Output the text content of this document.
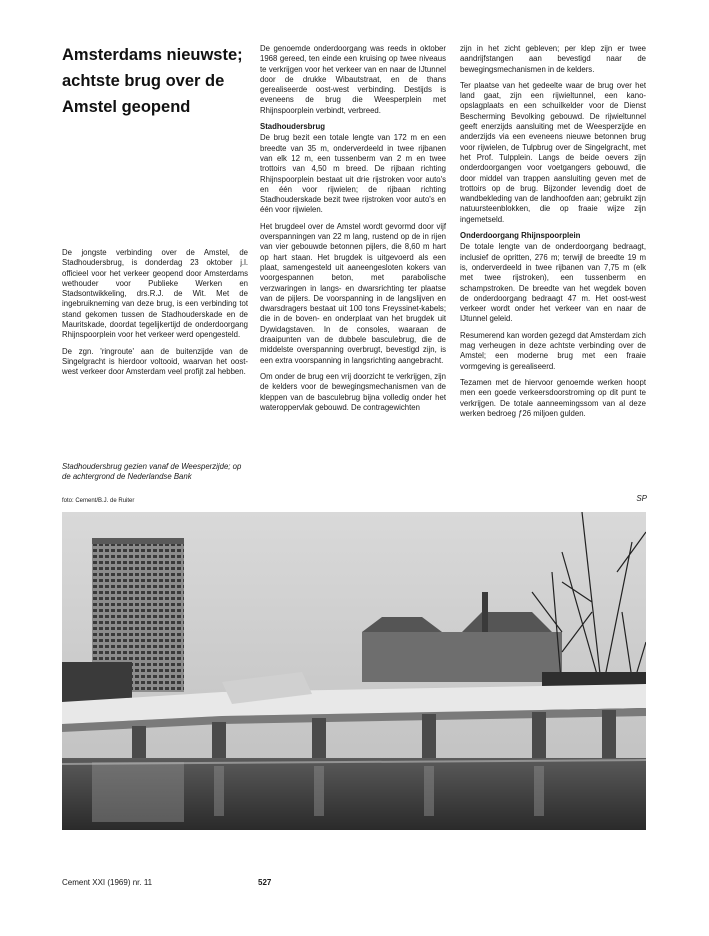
Amsterdams nieuwste; achtste brug over de Amstel geopend

De jongste verbinding over de Amstel, de Stadhoudersbrug, is donderdag 23 oktober j.l. officieel voor het verkeer geopend door Amsterdams wethouder voor Publieke Werken en Stadsontwikkeling, drs.R.J. de Wit. Met de ingebruikneming van deze brug, is een verbinding tot stand gekomen tussen de Stadhouderskade en de Mauritskade, doordat tegelijkertijd de onderdoorgang Rhijnspoorplein voor het verkeer werd opengesteld.

De zgn. 'ringroute' aan de buitenzijde van de Singelgracht is hierdoor voltooid, waarvan het oost-west verkeer door Amsterdam veel profijt zal hebben.

Stadhoudersbrug gezien vanaf de Weesperzijde; op de achtergrond de Nederlandse Bank
foto: Cement/B.J. de Ruiter

De genoemde onderdoorgang was reeds in oktober 1968 gereed, ten einde een kruising op twee niveaus te verkrijgen voor het verkeer van en naar de IJtunnel door de drukke Wibautstraat, en de thans gerealiseerde oost-west verbinding. Destijds is eveneens de brug die Weesperplein met Rhijnspoorplein verbindt, verbreed.

Stadhoudersbrug

De brug bezit een totale lengte van 172 m en een breedte van 35 m, onderverdeeld in twee rijbanen van elk 12 m, een tussenberm van 2 m en twee trottoirs van 4,50 m breed. De rijbaan richting Rhijnspoorplein bestaat uit drie rijstroken voor auto's en één voor rijwielen; de rijbaan richting Stadhouderskade bezit twee rijstroken voor auto's en één voor rijwielen.

Het brugdeel over de Amstel wordt gevormd door vijf overspanningen van 22 m lang, rustend op de in rijen van vier gebouwde betonnen pijlers, die 8,60 m hart op hart staan. Het brugdek is uitgevoerd als een plaat, samengesteld uit aaneengesloten kokers van voorgespannen beton, met parabolische verzwaringen in langs- en dwarsrichting ter plaatse van de pijlers. De voorspanning in de langslijven en dwarsdragers bestaat uit 100 tons Freyssinet-kabels; die in de boven- en onderplaat van het brugdek uit Dywidagstaven. In de consoles, waaraan de draaipunten van de dubbele basculebrug, die de middelste overspanning overbrugt, bevestigd zijn, is een extra voorspanning in langsrichting aangebracht.

Om onder de brug een vrij doorzicht te verkrijgen, zijn de kelders voor de bewegingsmechanismen van de kleppen van de basculebrug bijna volledig onder het wateroppervlak gebouwd. De contragewichten

zijn in het zicht gebleven; per klep zijn er twee aandrijfstangen aan bevestigd naar de bewegingsmechanismen in de kelders.

Ter plaatse van het gedeelte waar de brug over het land gaat, zijn een rijwieltunnel, een kano-opslagplaats en een schuilkelder voor de Dienst Bescherming Bevolking gebouwd. De rijwieltunnel geeft enerzijds aansluiting met de Weesperzijde en anderzijds via een eveneens nieuwe betonnen brug voor rijwielen, de Tulpbrug over de Singelgracht, met het Prof. Tulpplein. Langs de beide oevers zijn onderdoorgangen voor voetgangers gebouwd, die door middel van trappen aansluiting geven met de trottoirs op de brug. Bijzonder levendig doet de wandbekleding van de landhoofden aan; gebruikt zijn natuursteenblokken, die op fraaie wijze zijn ingemetseld.

Onderdoorgang Rhijnspoorplein

De totale lengte van de onderdoorgang bedraagt, inclusief de opritten, 276 m; terwijl de breedte 19 m is, onderverdeeld in twee rijbanen van 7,75 m (elk met twee rijstroken), een tussenberm en schampstroken. De breedte van het wegdek boven de onderdoorgang bedraagt 47 m. Het oost-west verkeer wordt onder het verkeer van en naar de IJtunnel geleid.

Resumerend kan worden gezegd dat Amsterdam zich mag verheugen in deze achtste verbinding over de Amstel; een moderne brug met een fraaie vormgeving is gerealiseerd.

Tezamen met de hiervoor genoemde werken hoopt men een goede verkeersdoorstroming op dit punt te verkrijgen. De totale aanneemingssom van al deze werken bedroeg ƒ26 miljoen gulden.

SP
Cement XXI (1969) nr. 11	527
